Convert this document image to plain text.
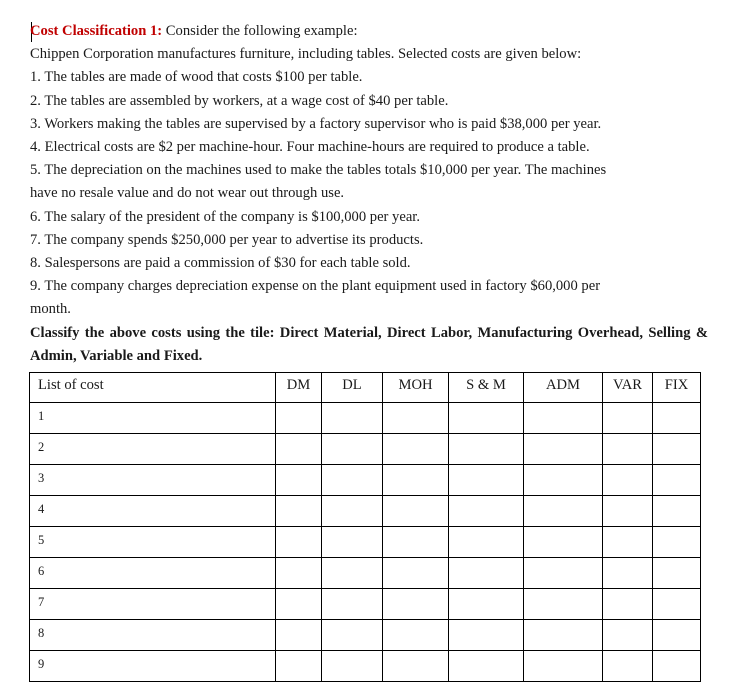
Cost Classification 1: Consider the following example:
Chippen Corporation manufactures furniture, including tables. Selected costs are given below:
1. The tables are made of wood that costs $100 per table.
2. The tables are assembled by workers, at a wage cost of $40 per table.
3. Workers making the tables are supervised by a factory supervisor who is paid $38,000 per year.
4. Electrical costs are $2 per machine-hour. Four machine-hours are required to produce a table.
5. The depreciation on the machines used to make the tables totals $10,000 per year. The machines
have no resale value and do not wear out through use.
6. The salary of the president of the company is $100,000 per year.
7. The company spends $250,000 per year to advertise its products.
8. Salespersons are paid a commission of $30 for each table sold.
9. The company charges depreciation expense on the plant equipment used in factory $60,000 per
month.
Classify the above costs using the tile: Direct Material, Direct Labor, Manufacturing Overhead, Selling & Admin, Variable and Fixed.
List of cost	DM	DL	MOH	S & M	ADM	VAR	FIX
1							
2							
3							
4							
5							
6							
7							
8							
9							
